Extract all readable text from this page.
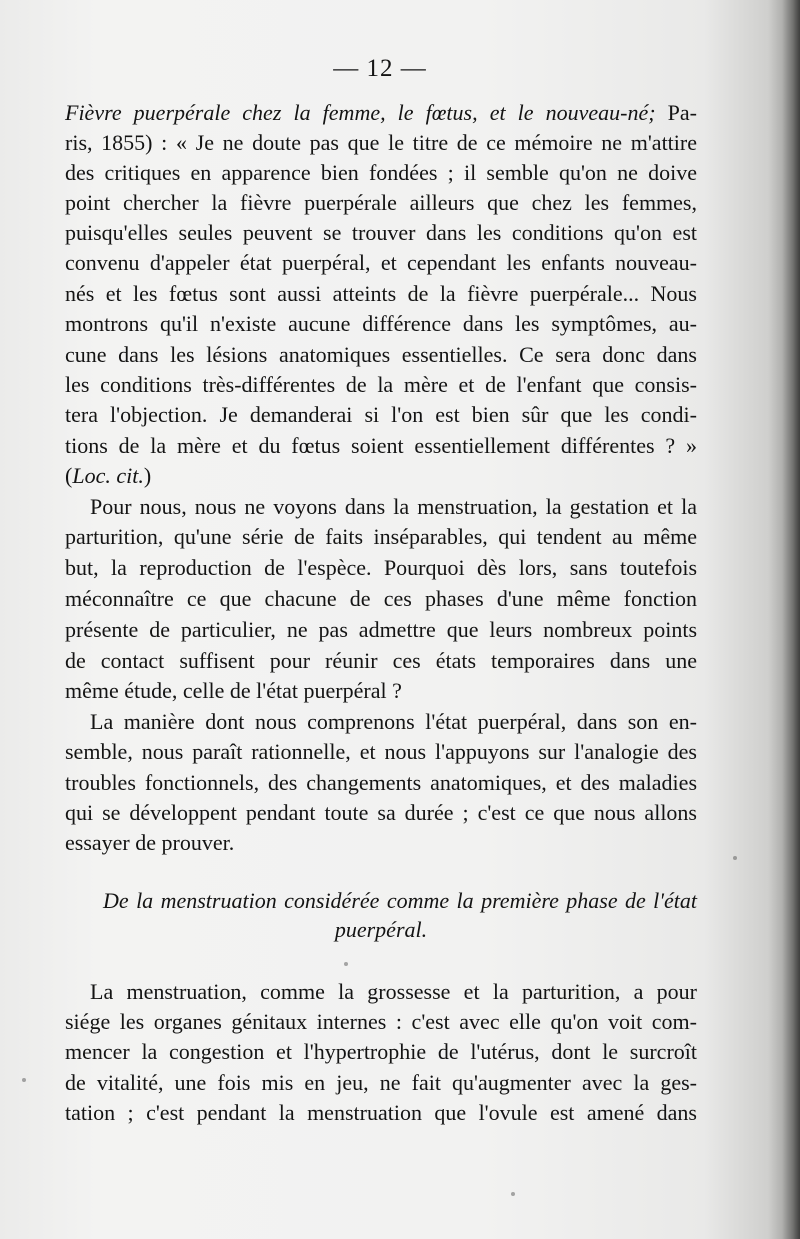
— 12 —
Fièvre puerpérale chez la femme, le fœtus, et le nouveau-né; Pa-
ris, 1855) : « Je ne doute pas que le titre de ce mémoire ne m'attire
des critiques en apparence bien fondées ; il semble qu'on ne doive
point chercher la fièvre puerpérale ailleurs que chez les femmes,
puisqu'elles seules peuvent se trouver dans les conditions qu'on est
convenu d'appeler état puerpéral, et cependant les enfants nouveau-
nés et les fœtus sont aussi atteints de la fièvre puerpérale... Nous
montrons qu'il n'existe aucune différence dans les symptômes, au-
cune dans les lésions anatomiques essentielles. Ce sera donc dans
les conditions très-différentes de la mère et de l'enfant que consis-
tera l'objection. Je demanderai si l'on est bien sûr que les condi-
tions de la mère et du fœtus soient essentiellement différentes ? »
(Loc. cit.)
Pour nous, nous ne voyons dans la menstruation, la gestation et la
parturition, qu'une série de faits inséparables, qui tendent au même
but, la reproduction de l'espèce. Pourquoi dès lors, sans toutefois
méconnaître ce que chacune de ces phases d'une même fonction
présente de particulier, ne pas admettre que leurs nombreux points
de contact suffisent pour réunir ces états temporaires dans une
même étude, celle de l'état puerpéral ?
La manière dont nous comprenons l'état puerpéral, dans son en-
semble, nous paraît rationnelle, et nous l'appuyons sur l'analogie des
troubles fonctionnels, des changements anatomiques, et des maladies
qui se développent pendant toute sa durée ; c'est ce que nous allons
essayer de prouver.
De la menstruation considérée comme la première phase de l'état
puerpéral.
La menstruation, comme la grossesse et la parturition, a pour
siége les organes génitaux internes : c'est avec elle qu'on voit com-
mencer la congestion et l'hypertrophie de l'utérus, dont le surcroît
de vitalité, une fois mis en jeu, ne fait qu'augmenter avec la ges-
tation ; c'est pendant la menstruation que l'ovule est amené dans
